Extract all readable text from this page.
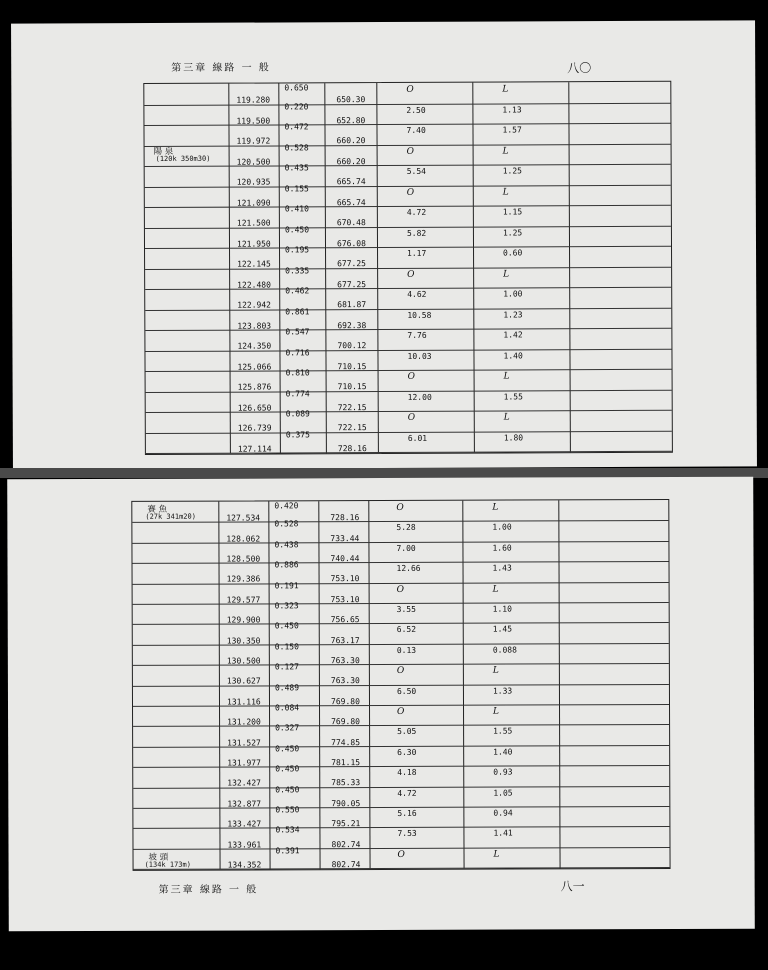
第三章 線路 一 般	八〇
119.280
119.500
119.972
120.500
120.935
121.090
121.500
121.950
122.145
122.480
122.942
123.803
124.350
125.066
125.876
126.650
126.739
127.114
0.650
0.220
0.472
0.528
0.435
0.155
0.410
0.450
0.195
0.335
0.462
0.861
0.547
0.716
0.810
0.774
0.089
0.375
650.30
652.80
660.20
660.20
665.74
665.74
670.48
676.08
677.25
677.25
681.87
692.38
700.12
710.15
710.15
722.15
722.15
728.16
O
2.50
7.40
O
5.54
O
4.72
5.82
1.17
O
4.62
10.58
7.76
10.03
O
12.00
O
6.01
L
1.13
1.57
L
1.25
L
1.15
1.25
0.60
L
1.00
1.23
1.42
1.40
L
1.55
L
1.80
陽 泉
(120k 350m30)
127.534
128.062
128.500
129.386
129.577
129.900
130.350
130.500
130.627
131.116
131.200
131.527
131.977
132.427
132.877
133.427
133.961
134.352
0.420
0.528
0.438
0.886
0.191
0.323
0.450
0.150
0.127
0.489
0.084
0.327
0.450
0.450
0.450
0.550
0.534
0.391
728.16
733.44
740.44
753.10
753.10
756.65
763.17
763.30
763.30
769.80
769.80
774.85
781.15
785.33
790.05
795.21
802.74
802.74
O
5.28
7.00
12.66
O
3.55
6.52
0.13
O
6.50
O
5.05
6.30
4.18
4.72
5.16
7.53
O
L
1.00
1.60
1.43
L
1.10
1.45
0.088
L
1.33
L
1.55
1.40
0.93
1.05
0.94
1.41
L
賽 魚
(27k 341m20)
坡 頭
(134k 173m)
第三章 線路 一 般	八一
